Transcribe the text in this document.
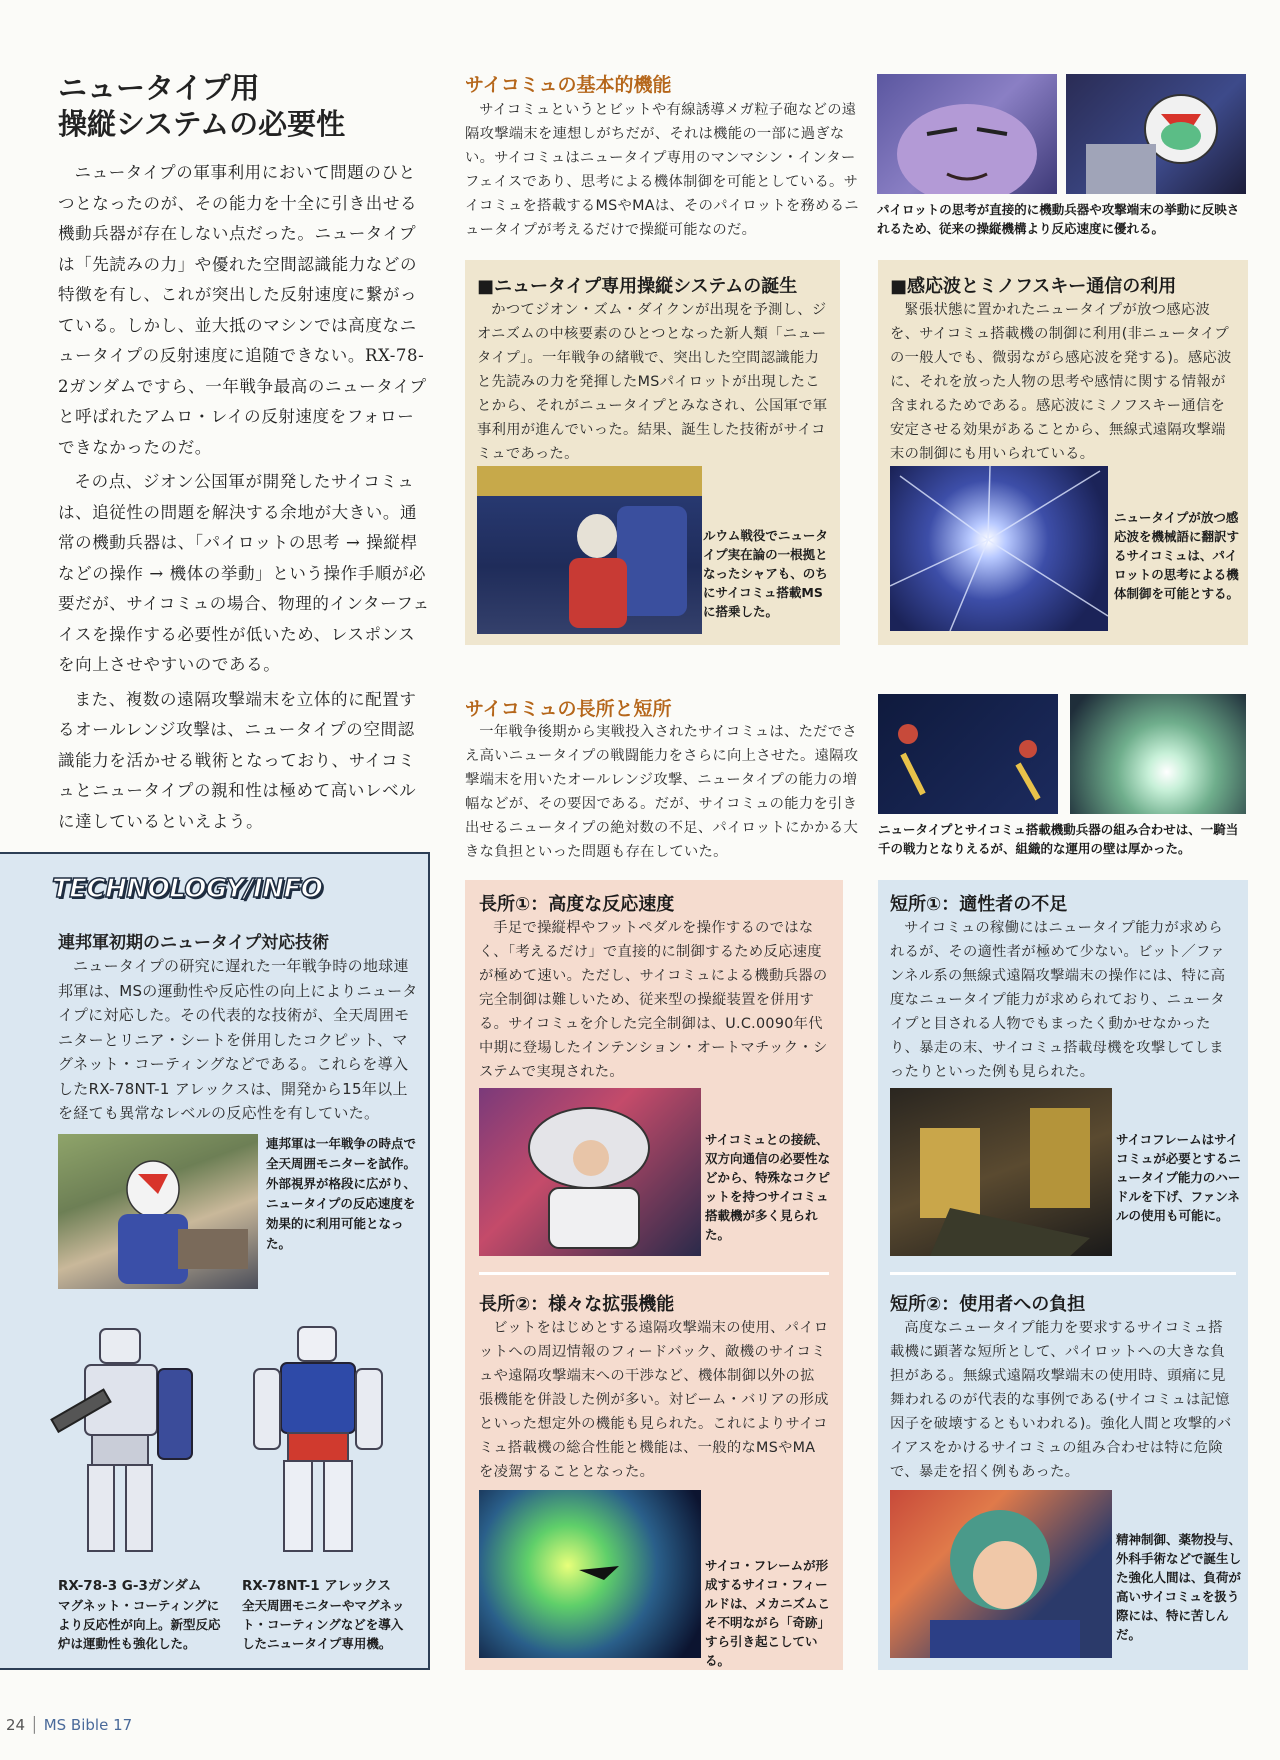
ニュータイプ用
操縦システムの必要性

ニュータイプの軍事利用において問題のひとつとなったのが、その能力を十全に引き出せる機動兵器が存在しない点だった。ニュータイプは「先読みの力」や優れた空間認識能力などの特徴を有し、これが突出した反射速度に繋がっている。しかし、並大抵のマシンでは高度なニュータイプの反射速度に追随できない。RX-78-2ガンダムですら、一年戦争最高のニュータイプと呼ばれたアムロ・レイの反射速度をフォローできなかったのだ。

その点、ジオン公国軍が開発したサイコミュは、追従性の問題を解決する余地が大きい。通常の機動兵器は、「パイロットの思考 → 操縦桿などの操作 → 機体の挙動」という操作手順が必要だが、サイコミュの場合、物理的インターフェイスを操作する必要性が低いため、レスポンスを向上させやすいのである。

また、複数の遠隔攻撃端末を立体的に配置するオールレンジ攻撃は、ニュータイプの空間認識能力を活かせる戦術となっており、サイコミュとニュータイプの親和性は極めて高いレベルに達しているといえよう。

TECHNOLOGY/INFO
連邦軍初期のニュータイプ対応技術
ニュータイプの研究に遅れた一年戦争時の地球連邦軍は、MSの運動性や反応性の向上によりニュータイプに対応した。その代表的な技術が、全天周囲モニターとリニア・シートを併用したコクピット、マグネット・コーティングなどである。これらを導入したRX-78NT-1 アレックスは、開発から15年以上を経ても異常なレベルの反応性を有していた。
連邦軍は一年戦争の時点で全天周囲モニターを試作。外部視界が格段に広がり、ニュータイプの反応速度を効果的に利用可能となった。
RX-78-3 G-3ガンダム
マグネット・コーティングにより反応性が向上。新型反応炉は運動性も強化した。
RX-78NT-1 アレックス
全天周囲モニターやマグネット・コーティングなどを導入したニュータイプ専用機。
サイコミュの基本的機能
サイコミュというとビットや有線誘導メガ粒子砲などの遠隔攻撃端末を連想しがちだが、それは機能の一部に過ぎない。サイコミュはニュータイプ専用のマンマシン・インターフェイスであり、思考による機体制御を可能としている。サイコミュを搭載するMSやMAは、そのパイロットを務めるニュータイプが考えるだけで操縦可能なのだ。
パイロットの思考が直接的に機動兵器や攻撃端末の挙動に反映されるため、従来の操縦機構より反応速度に優れる。
■ニュータイプ専用操縦システムの誕生
かつてジオン・ズム・ダイクンが出現を予測し、ジオニズムの中核要素のひとつとなった新人類「ニュータイプ」。一年戦争の緒戦で、突出した空間認識能力と先読みの力を発揮したMSパイロットが出現したことから、それがニュータイプとみなされ、公国軍で軍事利用が進んでいった。結果、誕生した技術がサイコミュであった。
ルウム戦役でニュータイプ実在論の一根拠となったシャアも、のちにサイコミュ搭載MSに搭乗した。
■感応波とミノフスキー通信の利用
緊張状態に置かれたニュータイプが放つ感応波を、サイコミュ搭載機の制御に利用(非ニュータイプの一般人でも、微弱ながら感応波を発する)。感応波に、それを放った人物の思考や感情に関する情報が含まれるためである。感応波にミノフスキー通信を安定させる効果があることから、無線式遠隔攻撃端末の制御にも用いられている。
ニュータイプが放つ感応波を機械語に翻訳するサイコミュは、パイロットの思考による機体制御を可能とする。
サイコミュの長所と短所
一年戦争後期から実戦投入されたサイコミュは、ただでさえ高いニュータイプの戦闘能力をさらに向上させた。遠隔攻撃端末を用いたオールレンジ攻撃、ニュータイプの能力の増幅などが、その要因である。だが、サイコミュの能力を引き出せるニュータイプの絶対数の不足、パイロットにかかる大きな負担といった問題も存在していた。
ニュータイプとサイコミュ搭載機動兵器の組み合わせは、一騎当千の戦力となりえるが、組織的な運用の壁は厚かった。
長所①：高度な反応速度
手足で操縦桿やフットペダルを操作するのではなく、「考えるだけ」で直接的に制御するため反応速度が極めて速い。ただし、サイコミュによる機動兵器の完全制御は難しいため、従来型の操縦装置を併用する。サイコミュを介した完全制御は、U.C.0090年代中期に登場したインテンション・オートマチック・システムで実現された。
サイコミュとの接続、双方向通信の必要性などから、特殊なコクピットを持つサイコミュ搭載機が多く見られた。
長所②：様々な拡張機能
ビットをはじめとする遠隔攻撃端末の使用、パイロットへの周辺情報のフィードバック、敵機のサイコミュや遠隔攻撃端末への干渉など、機体制御以外の拡張機能を併設した例が多い。対ビーム・バリアの形成といった想定外の機能も見られた。これによりサイコミュ搭載機の総合性能と機能は、一般的なMSやMAを凌駕することとなった。
サイコ・フレームが形成するサイコ・フィールドは、メカニズムこそ不明ながら「奇跡」すら引き起こしている。
短所①：適性者の不足
サイコミュの稼働にはニュータイプ能力が求められるが、その適性者が極めて少ない。ビット／ファンネル系の無線式遠隔攻撃端末の操作には、特に高度なニュータイプ能力が求められており、ニュータイプと目される人物でもまったく動かせなかったり、暴走の末、サイコミュ搭載母機を攻撃してしまったりといった例も見られた。
サイコフレームはサイコミュが必要とするニュータイプ能力のハードルを下げ、ファンネルの使用も可能に。
短所②：使用者への負担
高度なニュータイプ能力を要求するサイコミュ搭載機に顕著な短所として、パイロットへの大きな負担がある。無線式遠隔攻撃端末の使用時、頭痛に見舞われるのが代表的な事例である(サイコミュは記憶因子を破壊するともいわれる)。強化人間と攻撃的バイアスをかけるサイコミュの組み合わせは特に危険で、暴走を招く例もあった。
精神制御、薬物投与、外科手術などで誕生した強化人間は、負荷が高いサイコミュを扱う際には、特に苦しんだ。
24 │ MS Bible 17
